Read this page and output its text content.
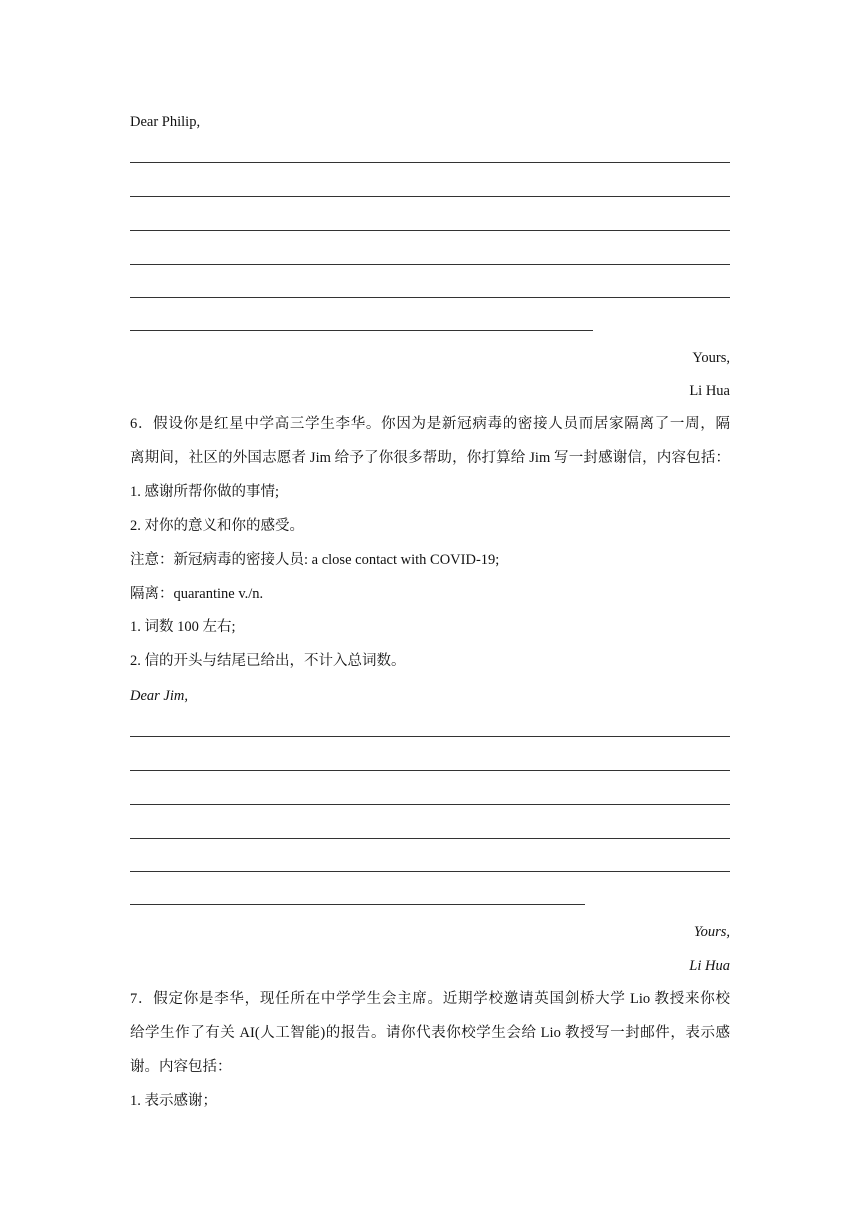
Dear Philip,
Yours,
Li Hua
6．假设你是红星中学高三学生李华。你因为是新冠病毒的密接人员而居家隔离了一周，隔
离期间，社区的外国志愿者 Jim 给予了你很多帮助，你打算给 Jim 写一封感谢信，内容包括：
1. 感谢所帮你做的事情;
2. 对你的意义和你的感受。
注意：新冠病毒的密接人员: a close contact with COVID-19;
隔离：quarantine v./n.
1. 词数 100 左右;
2. 信的开头与结尾已给出，不计入总词数。
Dear Jim,
Yours,
Li Hua
7．假定你是李华，现任所在中学学生会主席。近期学校邀请英国剑桥大学 Lio 教授来你校
给学生作了有关 AI(人工智能)的报告。请你代表你校学生会给 Lio 教授写一封邮件，表示感
谢。内容包括：
1. 表示感谢；
